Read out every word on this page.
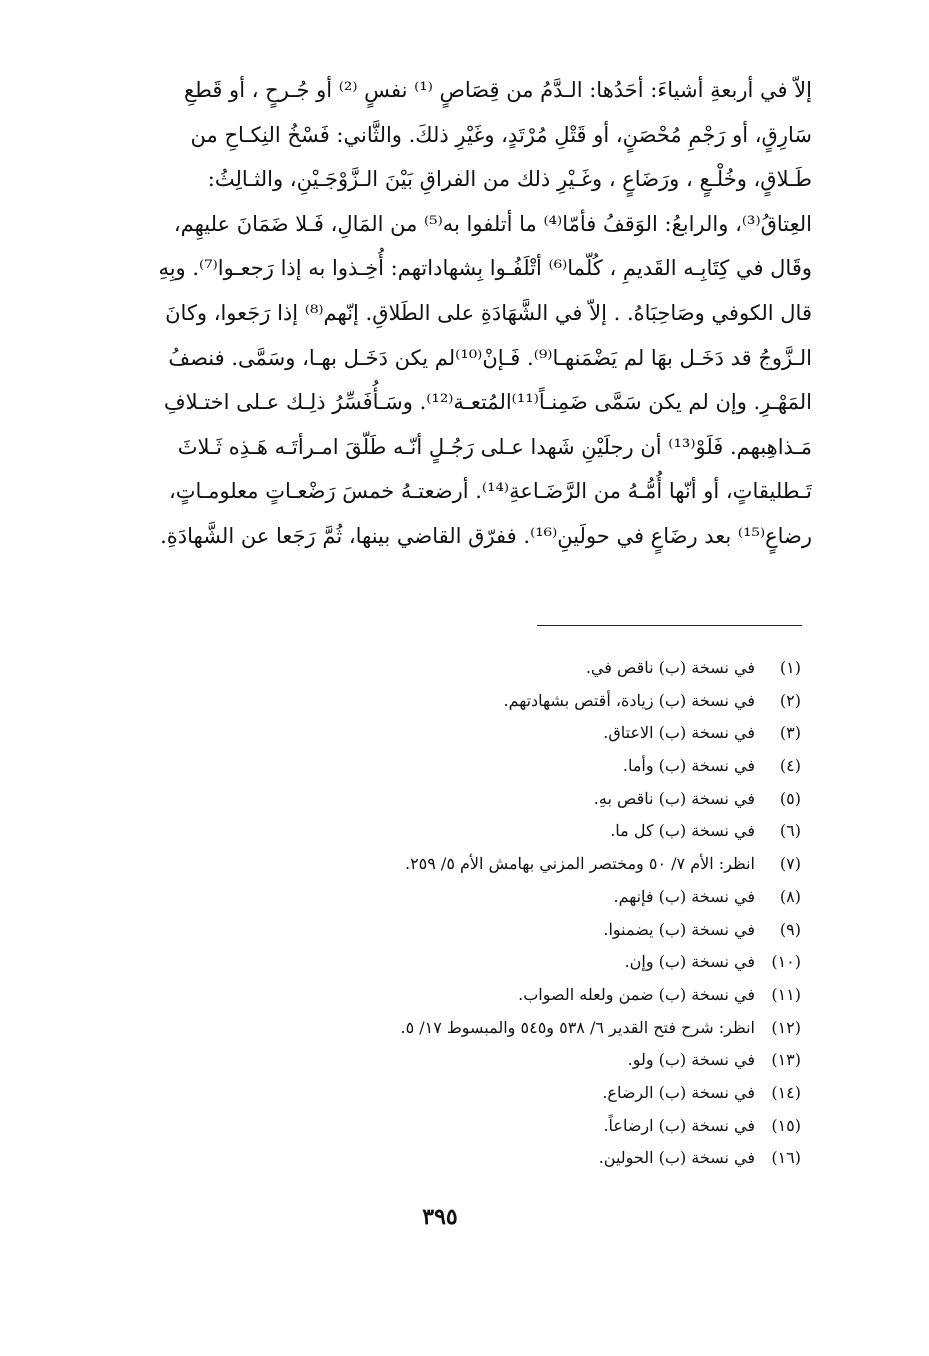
إلاّ في أربعةِ أشياءَ: أحَدُها: الـدَّمُ من قِصَاصٍ ⁽¹⁾ نفسٍ ⁽²⁾ أو جُـرحٍ ، أو قَطعِ
سَارِقٍ، أو رَجْمِ مُحْصَنٍ، أو قَتْلِ مُرْتَدٍ، وغَيْرِ ذلكَ. والثَّاني: فَسْخُ النِكـاحِ من
طَـلاقٍ، وخُلْـعٍ ، ورَضَاعٍ ، وغَـيْرِ ذلك من الفراقِ بَيْنَ الـزَّوْجَـيْنِ، والثـالِثُ:
العِتاقُ⁽³⁾، والرابعُ: الوَقفُ فأمّا⁽⁴⁾ ما أتلفوا به⁽⁵⁾ من المَالِ، فَـلا ضَمَانَ عليهِم،
وقَال في كِتَابِـه القَديمِ ، كُلّما⁽⁶⁾ أتْلَفُـوا بِشهاداتهم: أُخِـذوا به إذا رَجعـوا⁽⁷⁾. وبِهِ
قال الكوفي وصَاحِبَاهُ. . إلاّ في الشَّهَادَةِ على الطَلاقِ. إنّهم⁽⁸⁾ إذا رَجَعوا، وكانَ
الـزَّوجُ قد دَخَـل بهَا لم يَضْمَنهـا⁽⁹⁾. فَـإنْ⁽¹⁰⁾لم يكن دَخَـل بهـا، وسَمَّى. فنصفُ
المَهْـرِ. وإن لم يكن سَمَّى ضَمِنـاً⁽¹¹⁾المُتعـة⁽¹²⁾. وسَـأُفَسِّرُ ذلِـك عـلى اختـلافِ
مَـذاهِبهم. فَلَوْ⁽¹³⁾ أن رجلَيْنِ شَهدا عـلى رَجُـلٍ أنّـه طَلّقَ امـرأتَـه هَـذِه ثَـلاثَ
تَـطليقاتٍ، أو أنّها أُمُّـهُ من الرَّضَـاعةِ⁽¹⁴⁾. أرضعتـهُ خمسَ رَضْعـاتٍ معلومـاتٍ،
رضاعٍ⁽¹⁵⁾ بعد رضَاعٍ في حولَينِ⁽¹⁶⁾. ففرّق القاضي بينها، ثُمَّ رَجَعا عن الشَّهادَةِ.
(١)
في نسخة (ب) ناقص في.
(٢)
في نسخة (ب) زيادة، أقتص بشهادتهم.
(٣)
في نسخة (ب) الاعتاق.
(٤)
في نسخة (ب) وأما.
(٥)
في نسخة (ب) ناقص بهِ.
(٦)
في نسخة (ب) كل ما.
(٧)
انظر: الأم ٧/ ٥٠ ومختصر المزني بهامش الأم ٥/ ٢٥٩.
(٨)
في نسخة (ب) فإنهم.
(٩)
في نسخة (ب) يضمنوا.
(١٠)
في نسخة (ب) وإن.
(١١)
في نسخة (ب) ضمن ولعله الصواب.
(١٢)
انظر: شرح فتح القدير ٦/ ٥٣٨ و٥٤٥ والمبسوط ١٧/ ٥.
(١٣)
في نسخة (ب) ولو.
(١٤)
في نسخة (ب) الرضاع.
(١٥)
في نسخة (ب) ارضاعاً.
(١٦)
في نسخة (ب) الحولين.
٣٩٥
